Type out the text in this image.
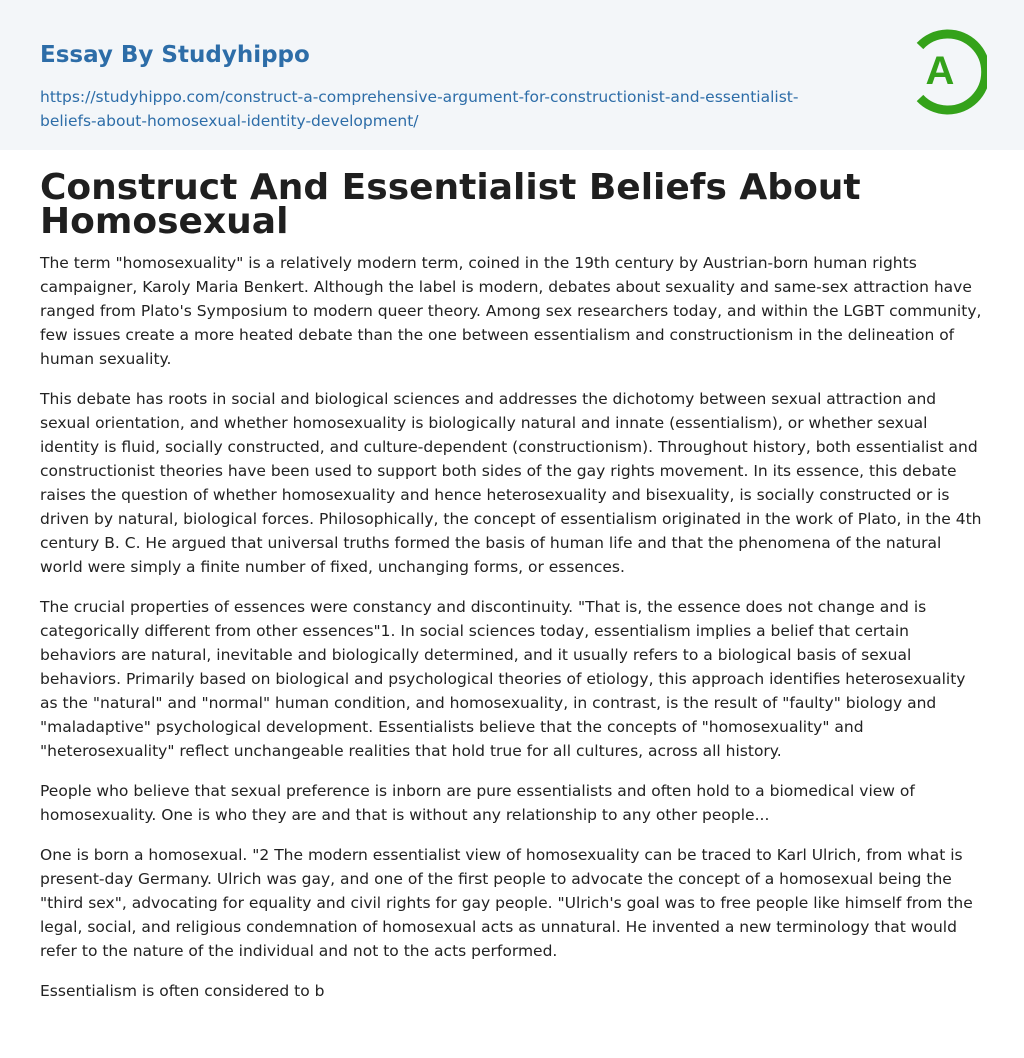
Essay By Studyhippo
https://studyhippo.com/construct-a-comprehensive-argument-for-constructionist-and-essentialist-beliefs-about-homosexual-identity-development/
A
Construct And Essentialist Beliefs About Homosexual

The term "homosexuality" is a relatively modern term, coined in the 19th century by Austrian-born human rights campaigner, Karoly Maria Benkert. Although the label is modern, debates about sexuality and same-sex attraction have ranged from Plato's Symposium to modern queer theory. Among sex researchers today, and within the LGBT community, few issues create a more heated debate than the one between essentialism and constructionism in the delineation of human sexuality.

This debate has roots in social and biological sciences and addresses the dichotomy between sexual attraction and sexual orientation, and whether homosexuality is biologically natural and innate (essentialism), or whether sexual identity is fluid, socially constructed, and culture-dependent (constructionism). Throughout history, both essentialist and constructionist theories have been used to support both sides of the gay rights movement. In its essence, this debate raises the question of whether homosexuality and hence heterosexuality and bisexuality, is socially constructed or is driven by natural, biological forces. Philosophically, the concept of essentialism originated in the work of Plato, in the 4th century B. C. He argued that universal truths formed the basis of human life and that the phenomena of the natural world were simply a finite number of fixed, unchanging forms, or essences.

The crucial properties of essences were constancy and discontinuity. "That is, the essence does not change and is categorically different from other essences"1. In social sciences today, essentialism implies a belief that certain behaviors are natural, inevitable and biologically determined, and it usually refers to a biological basis of sexual behaviors. Primarily based on biological and psychological theories of etiology, this approach identifies heterosexuality as the "natural" and "normal" human condition, and homosexuality, in contrast, is the result of "faulty" biology and "maladaptive" psychological development. Essentialists believe that the concepts of "homosexuality" and "heterosexuality" reflect unchangeable realities that hold true for all cultures, across all history.

People who believe that sexual preference is inborn are pure essentialists and often hold to a biomedical view of homosexuality. One is who they are and that is without any relationship to any other people...

One is born a homosexual. "2 The modern essentialist view of homosexuality can be traced to Karl Ulrich, from what is present-day Germany. Ulrich was gay, and one of the first people to advocate the concept of a homosexual being the "third sex", advocating for equality and civil rights for gay people. "Ulrich's goal was to free people like himself from the legal, social, and religious condemnation of homosexual acts as unnatural. He invented a new terminology that would refer to the nature of the individual and not to the acts performed.

Essentialism is often considered to b
